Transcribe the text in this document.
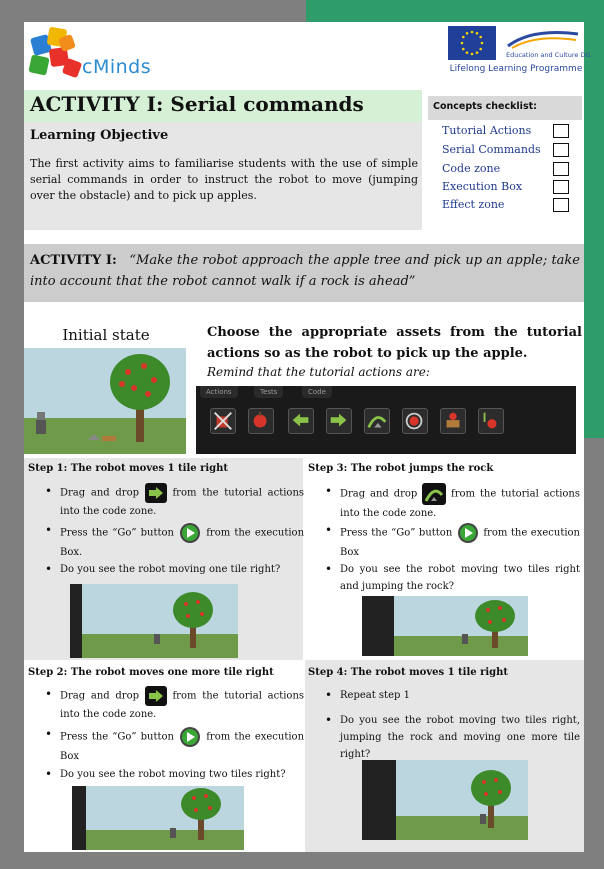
cMinds
Education and Culture DG
Lifelong Learning Programme
ACTIVITY I: Serial commands
Learning Objective
The first activity aims to familiarise students with the use of simple serial commands in order to instruct the robot to move (jumping over the obstacle) and to pick up apples.
Concepts checklist:
Tutorial Actions
Serial Commands
Code zone
Execution Box
Effect zone
ACTIVITY I: “Make the robot approach the apple tree and pick up an apple; take into account that the robot cannot walk if a rock is ahead”
Initial state	Choose the appropriate assets from the tutorial actions so as the robot to pick up the apple.
Remind that the tutorial actions are:
Actions	Tests	Code
Step 1: The robot moves 1 tile right
• Drag and drop	from the tutorial actions into the code zone.
• Press the “Go” button	from the execution Box.
• Do you see the robot moving one tile right?
Step 3: The robot jumps the rock
• Drag and drop	from the tutorial actions into the code zone.
• Press the “Go” button	from the execution Box
• Do you see the robot moving two tiles right and jumping the rock?
Step 2: The robot moves one more tile right
• Drag and drop	from the tutorial actions into the code zone.
• Press the “Go” button	from the execution Box
• Do you see the robot moving two tiles right?
Step 4: The robot moves 1 tile right
• Repeat step 1
• Do you see the robot moving two tiles right, jumping the rock and moving one more tile right?
